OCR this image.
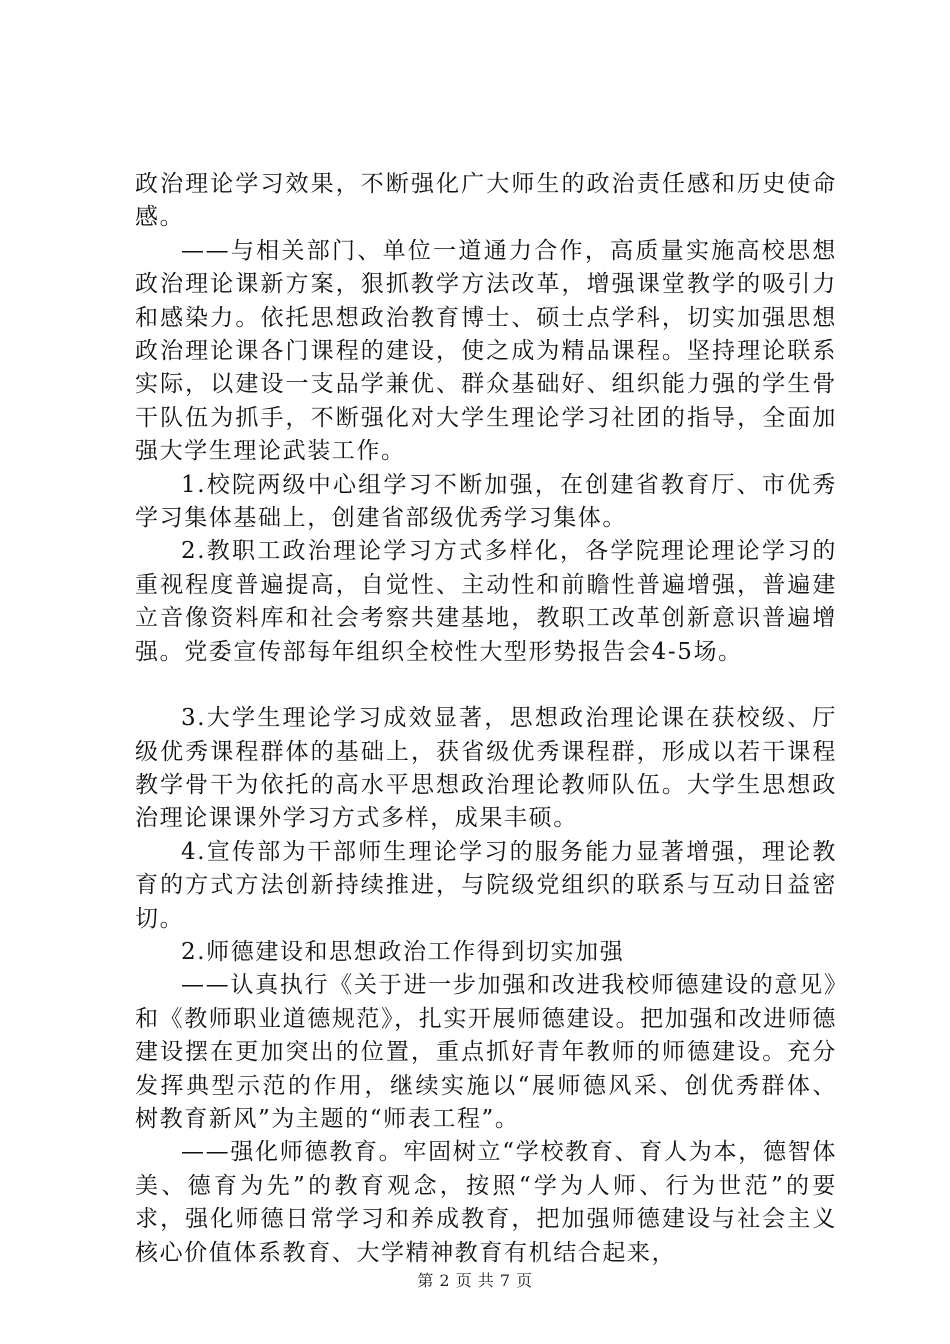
政治理论学习效果，不断强化广大师生的政治责任感和历史使命感。

——与相关部门、单位一道通力合作，高质量实施高校思想政治理论课新方案，狠抓教学方法改革，增强课堂教学的吸引力和感染力。依托思想政治教育博士、硕士点学科，切实加强思想政治理论课各门课程的建设，使之成为精品课程。坚持理论联系实际，以建设一支品学兼优、群众基础好、组织能力强的学生骨干队伍为抓手，不断强化对大学生理论学习社团的指导，全面加强大学生理论武装工作。

1.校院两级中心组学习不断加强，在创建省教育厅、市优秀学习集体基础上，创建省部级优秀学习集体。

2.教职工政治理论学习方式多样化，各学院理论理论学习的重视程度普遍提高，自觉性、主动性和前瞻性普遍增强，普遍建立音像资料库和社会考察共建基地，教职工改革创新意识普遍增强。党委宣传部每年组织全校性大型形势报告会4-5场。

3.大学生理论学习成效显著，思想政治理论课在获校级、厅级优秀课程群体的基础上，获省级优秀课程群，形成以若干课程教学骨干为依托的高水平思想政治理论教师队伍。大学生思想政治理论课课外学习方式多样，成果丰硕。

4.宣传部为干部师生理论学习的服务能力显著增强，理论教育的方式方法创新持续推进，与院级党组织的联系与互动日益密切。

2.师德建设和思想政治工作得到切实加强

——认真执行《关于进一步加强和改进我校师德建设的意见》和《教师职业道德规范》，扎实开展师德建设。把加强和改进师德建设摆在更加突出的位置，重点抓好青年教师的师德建设。充分发挥典型示范的作用，继续实施以“展师德风采、创优秀群体、树教育新风”为主题的“师表工程”。

——强化师德教育。牢固树立“学校教育、育人为本，德智体美、德育为先”的教育观念，按照“学为人师、行为世范”的要求，强化师德日常学习和养成教育，把加强师德建设与社会主义核心价值体系教育、大学精神教育有机结合起来，

第 2 页 共 7 页
